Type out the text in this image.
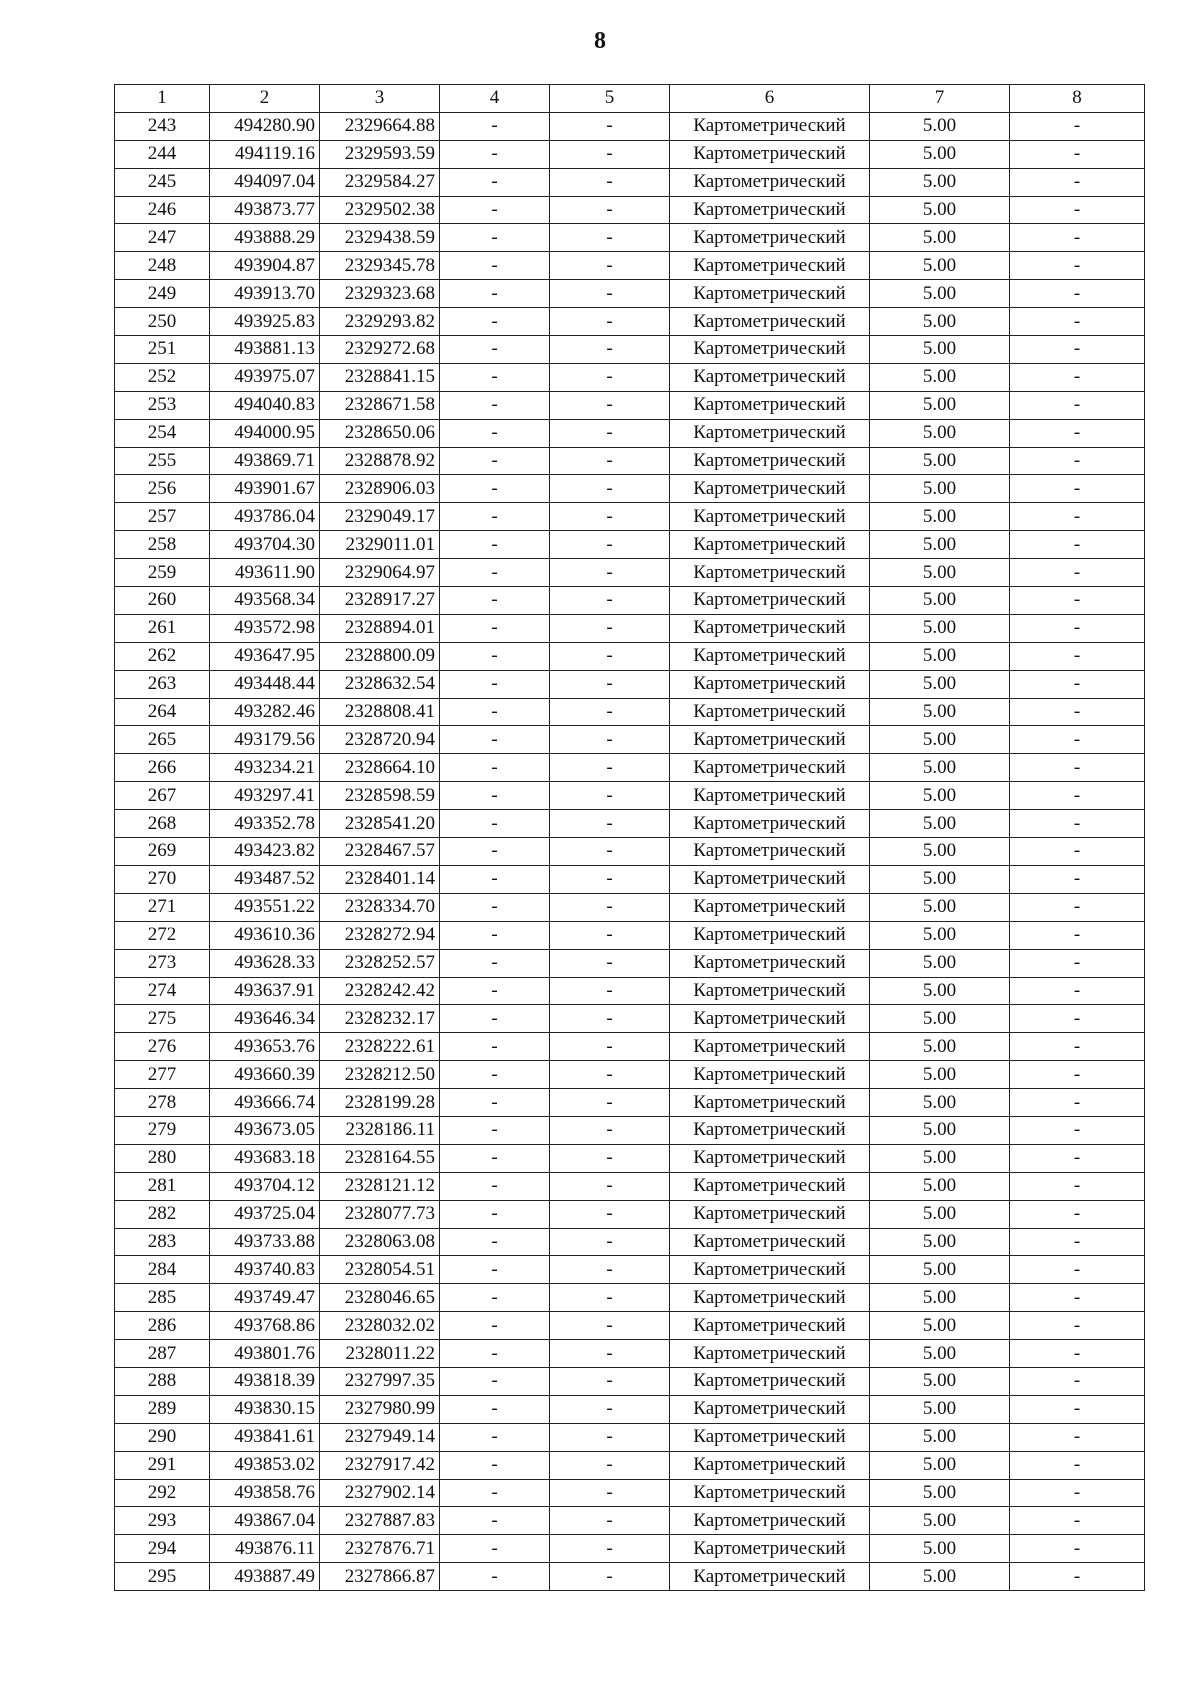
8
1	2	3	4	5	6	7	8
243	494280.90	2329664.88	-	-	Картометрический	5.00	-
244	494119.16	2329593.59	-	-	Картометрический	5.00	-
245	494097.04	2329584.27	-	-	Картометрический	5.00	-
246	493873.77	2329502.38	-	-	Картометрический	5.00	-
247	493888.29	2329438.59	-	-	Картометрический	5.00	-
248	493904.87	2329345.78	-	-	Картометрический	5.00	-
249	493913.70	2329323.68	-	-	Картометрический	5.00	-
250	493925.83	2329293.82	-	-	Картометрический	5.00	-
251	493881.13	2329272.68	-	-	Картометрический	5.00	-
252	493975.07	2328841.15	-	-	Картометрический	5.00	-
253	494040.83	2328671.58	-	-	Картометрический	5.00	-
254	494000.95	2328650.06	-	-	Картометрический	5.00	-
255	493869.71	2328878.92	-	-	Картометрический	5.00	-
256	493901.67	2328906.03	-	-	Картометрический	5.00	-
257	493786.04	2329049.17	-	-	Картометрический	5.00	-
258	493704.30	2329011.01	-	-	Картометрический	5.00	-
259	493611.90	2329064.97	-	-	Картометрический	5.00	-
260	493568.34	2328917.27	-	-	Картометрический	5.00	-
261	493572.98	2328894.01	-	-	Картометрический	5.00	-
262	493647.95	2328800.09	-	-	Картометрический	5.00	-
263	493448.44	2328632.54	-	-	Картометрический	5.00	-
264	493282.46	2328808.41	-	-	Картометрический	5.00	-
265	493179.56	2328720.94	-	-	Картометрический	5.00	-
266	493234.21	2328664.10	-	-	Картометрический	5.00	-
267	493297.41	2328598.59	-	-	Картометрический	5.00	-
268	493352.78	2328541.20	-	-	Картометрический	5.00	-
269	493423.82	2328467.57	-	-	Картометрический	5.00	-
270	493487.52	2328401.14	-	-	Картометрический	5.00	-
271	493551.22	2328334.70	-	-	Картометрический	5.00	-
272	493610.36	2328272.94	-	-	Картометрический	5.00	-
273	493628.33	2328252.57	-	-	Картометрический	5.00	-
274	493637.91	2328242.42	-	-	Картометрический	5.00	-
275	493646.34	2328232.17	-	-	Картометрический	5.00	-
276	493653.76	2328222.61	-	-	Картометрический	5.00	-
277	493660.39	2328212.50	-	-	Картометрический	5.00	-
278	493666.74	2328199.28	-	-	Картометрический	5.00	-
279	493673.05	2328186.11	-	-	Картометрический	5.00	-
280	493683.18	2328164.55	-	-	Картометрический	5.00	-
281	493704.12	2328121.12	-	-	Картометрический	5.00	-
282	493725.04	2328077.73	-	-	Картометрический	5.00	-
283	493733.88	2328063.08	-	-	Картометрический	5.00	-
284	493740.83	2328054.51	-	-	Картометрический	5.00	-
285	493749.47	2328046.65	-	-	Картометрический	5.00	-
286	493768.86	2328032.02	-	-	Картометрический	5.00	-
287	493801.76	2328011.22	-	-	Картометрический	5.00	-
288	493818.39	2327997.35	-	-	Картометрический	5.00	-
289	493830.15	2327980.99	-	-	Картометрический	5.00	-
290	493841.61	2327949.14	-	-	Картометрический	5.00	-
291	493853.02	2327917.42	-	-	Картометрический	5.00	-
292	493858.76	2327902.14	-	-	Картометрический	5.00	-
293	493867.04	2327887.83	-	-	Картометрический	5.00	-
294	493876.11	2327876.71	-	-	Картометрический	5.00	-
295	493887.49	2327866.87	-	-	Картометрический	5.00	-
